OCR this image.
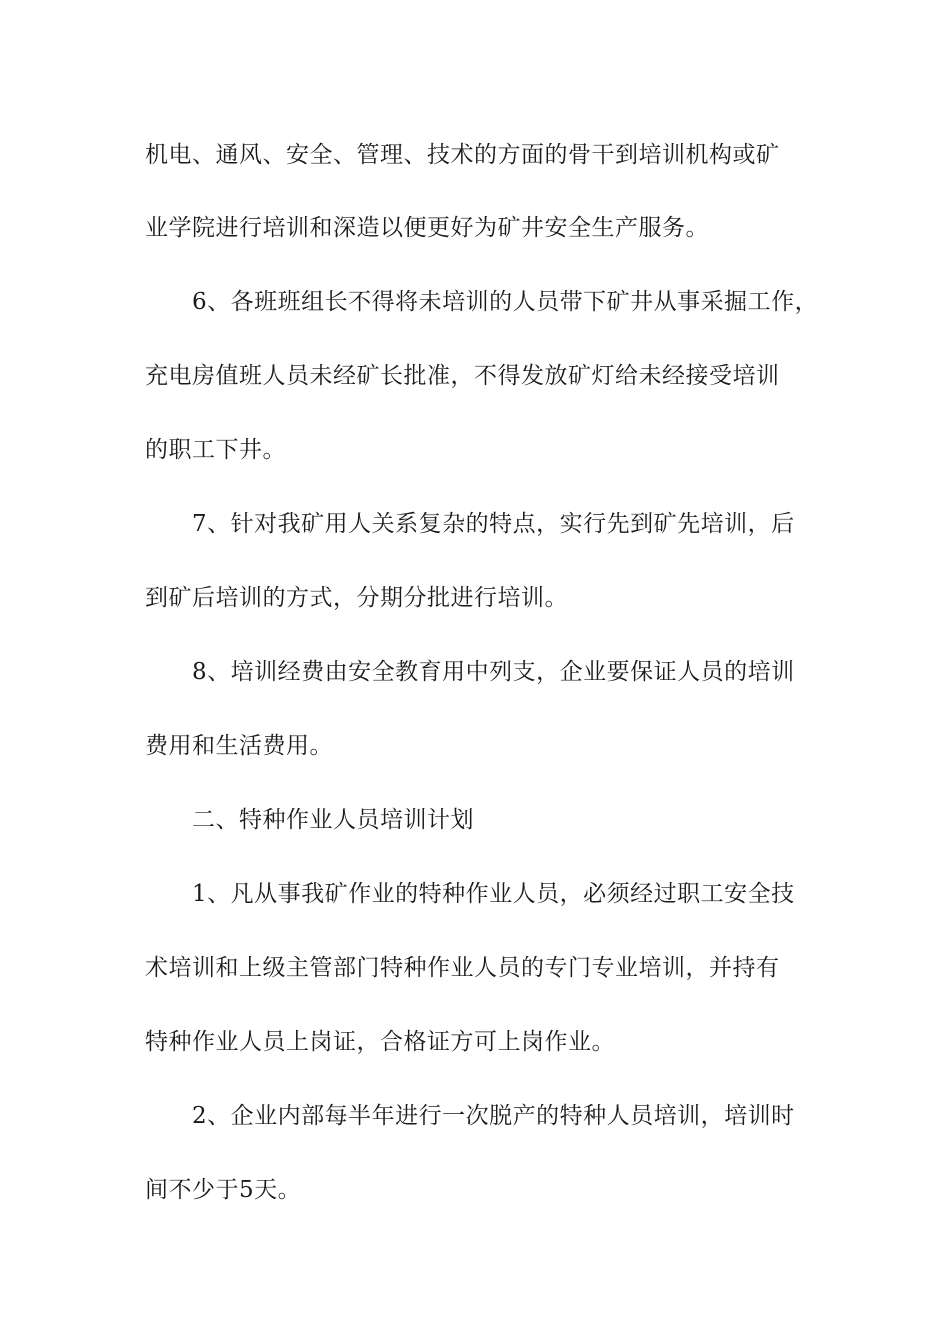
机电、通风、安全、管理、技术的方面的骨干到培训机构或矿
业学院进行培训和深造以便更好为矿井安全生产服务。
6、各班班组长不得将未培训的人员带下矿井从事采掘工作，
充电房值班人员未经矿长批准，不得发放矿灯给未经接受培训
的职工下井。
7、针对我矿用人关系复杂的特点，实行先到矿先培训，后
到矿后培训的方式，分期分批进行培训。
8、培训经费由安全教育用中列支，企业要保证人员的培训
费用和生活费用。
二、特种作业人员培训计划
1、凡从事我矿作业的特种作业人员，必须经过职工安全技
术培训和上级主管部门特种作业人员的专门专业培训，并持有
特种作业人员上岗证，合格证方可上岗作业。
2、企业内部每半年进行一次脱产的特种人员培训，培训时
间不少于5天。
